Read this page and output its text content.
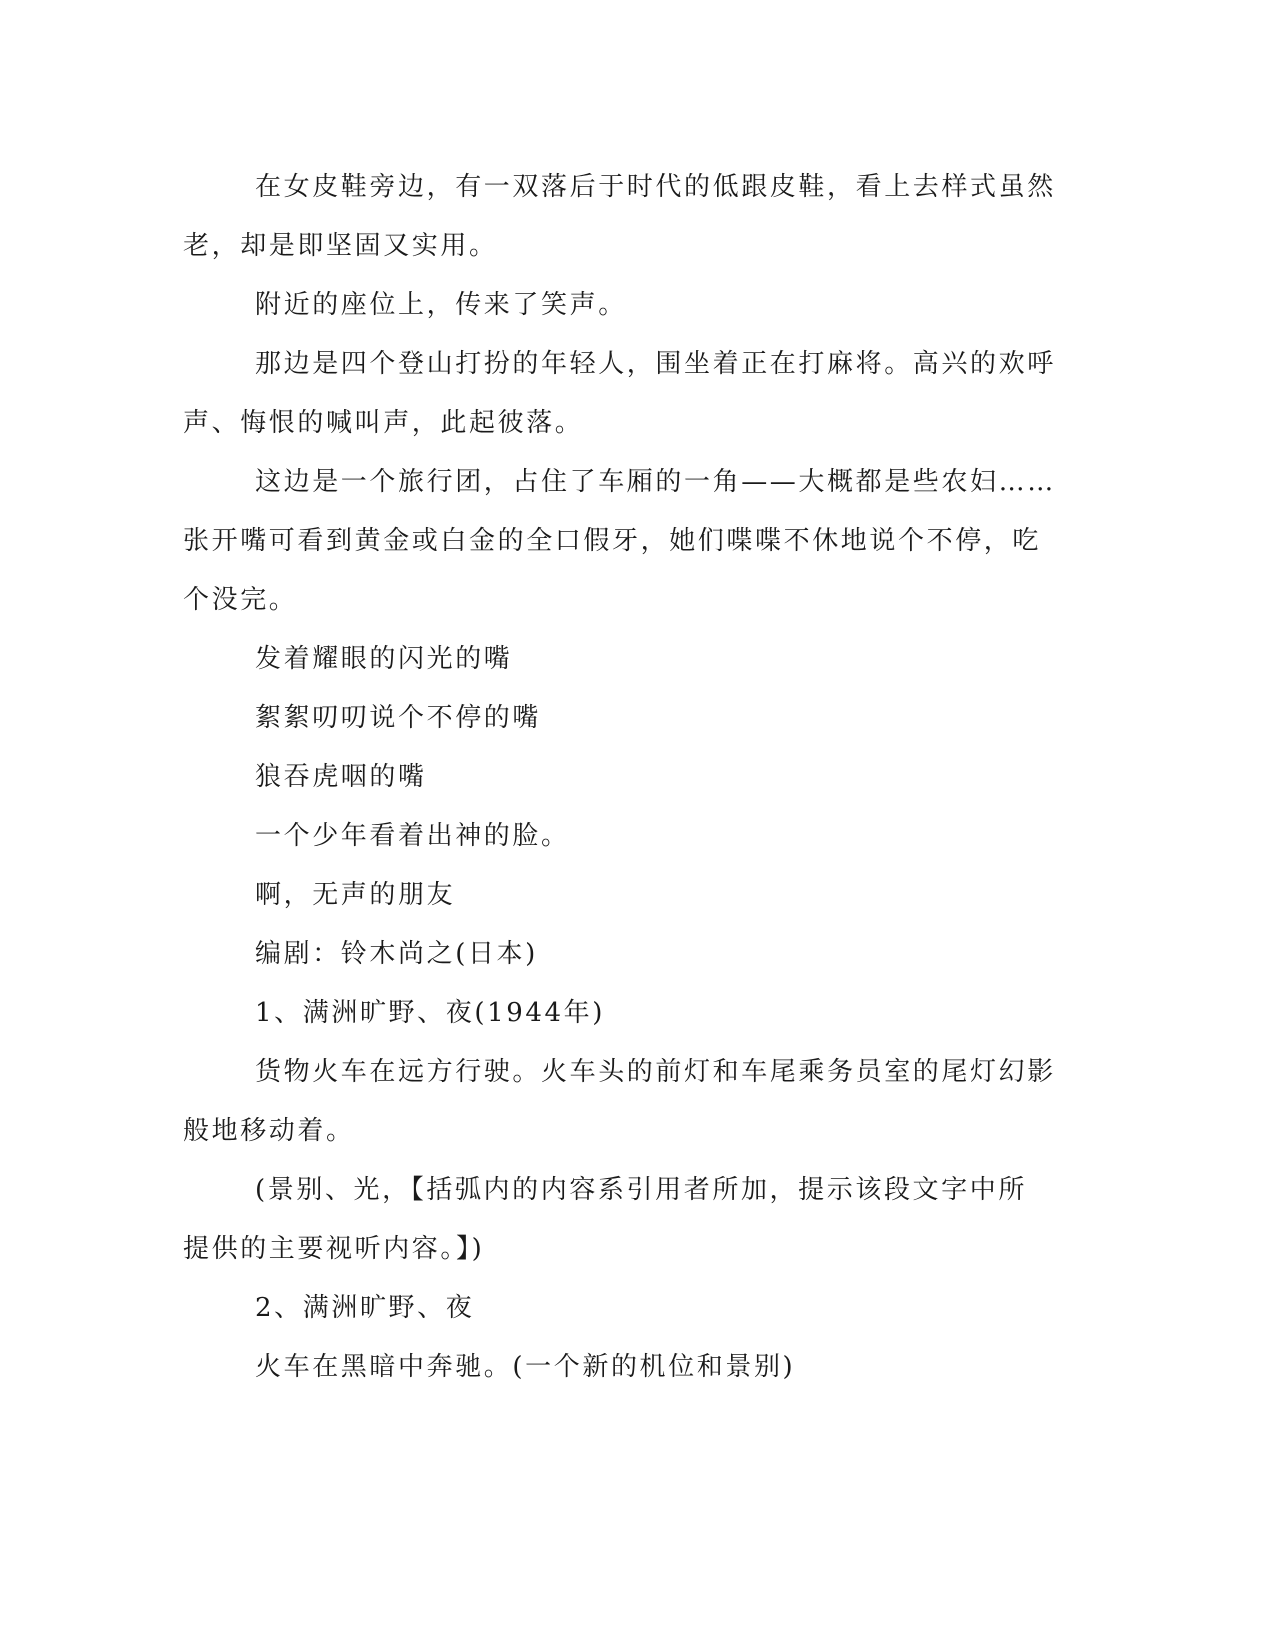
在女皮鞋旁边，有一双落后于时代的低跟皮鞋，看上去样式虽然
老，却是即坚固又实用。

附近的座位上，传来了笑声。

那边是四个登山打扮的年轻人，围坐着正在打麻将。高兴的欢呼
声、悔恨的喊叫声，此起彼落。

这边是一个旅行团，占住了车厢的一角——大概都是些农妇……
张开嘴可看到黄金或白金的全口假牙，她们喋喋不休地说个不停，吃
个没完。

发着耀眼的闪光的嘴

絮絮叨叨说个不停的嘴

狼吞虎咽的嘴

一个少年看着出神的脸。

啊，无声的朋友

编剧：铃木尚之(日本)

1、满洲旷野、夜(1944年)

货物火车在远方行驶。火车头的前灯和车尾乘务员室的尾灯幻影
般地移动着。

(景别、光，【括弧内的内容系引用者所加，提示该段文字中所
提供的主要视听内容。】)

2、满洲旷野、夜

火车在黑暗中奔驰。(一个新的机位和景别)
